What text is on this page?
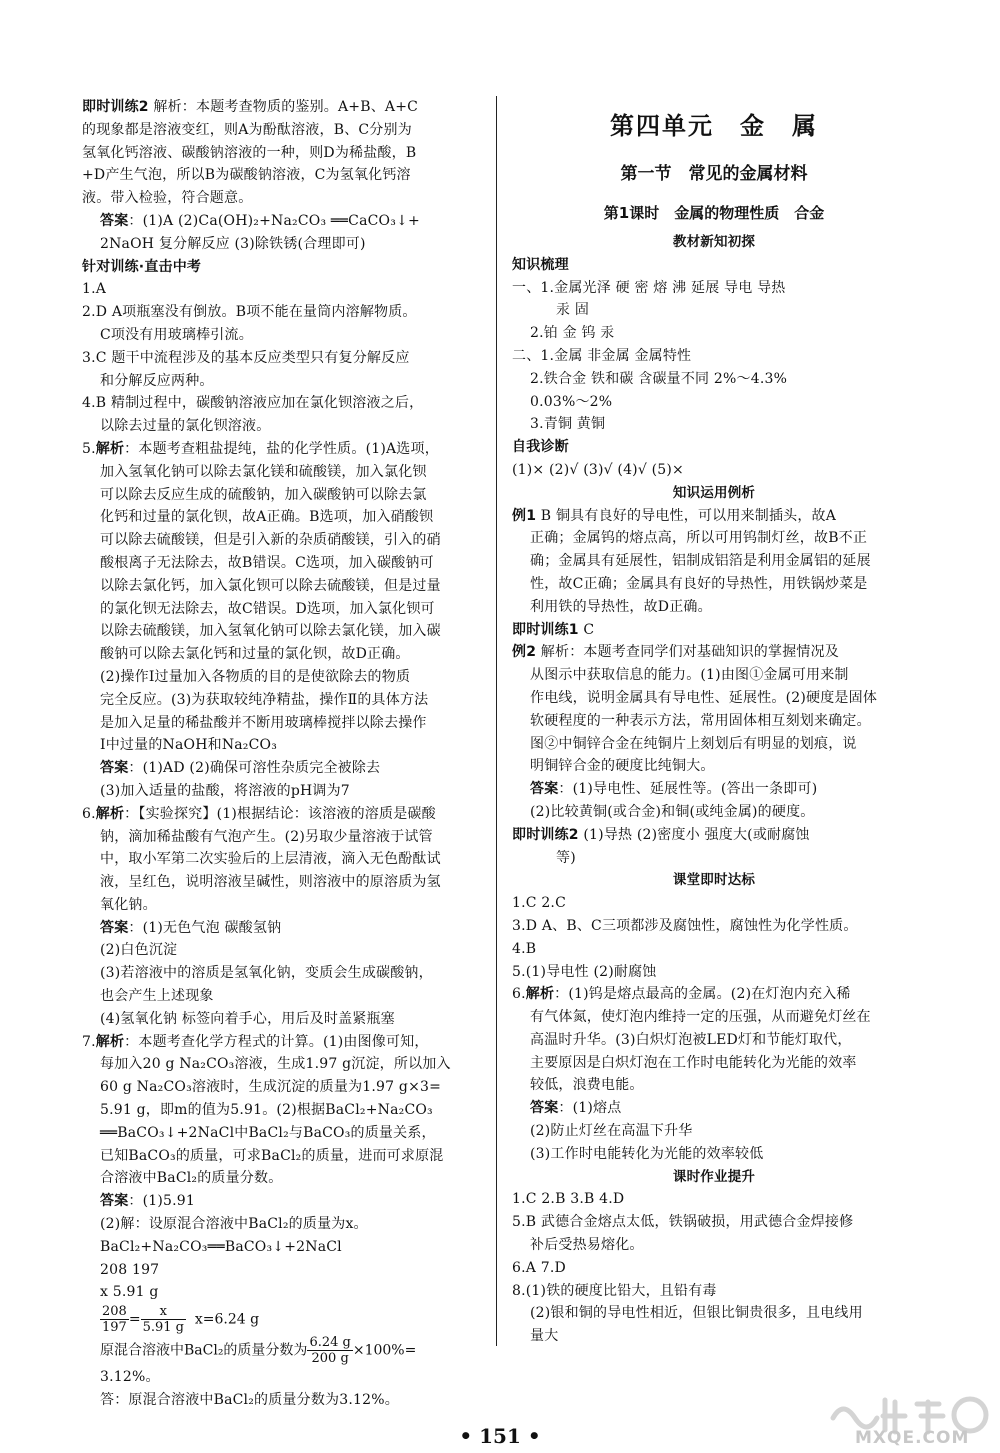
即时训练2 解析：本题考查物质的鉴别。A+B、A+C
的现象都是溶液变红，则A为酚酞溶液，B、C分别为
氢氧化钙溶液、碳酸钠溶液的一种，则D为稀盐酸，B
+D产生气泡，所以B为碳酸钠溶液，C为氢氧化钙溶
液。带入检验，符合题意。
答案：(1)A (2)Ca(OH)₂+Na₂CO₃ ══CaCO₃↓+
2NaOH 复分解反应 (3)除铁锈(合理即可)
针对训练·直击中考
1.A
2.D A项瓶塞没有倒放。B项不能在量筒内溶解物质。
C项没有用玻璃棒引流。
3.C 题干中流程涉及的基本反应类型只有复分解反应
和分解反应两种。
4.B 精制过程中，碳酸钠溶液应加在氯化钡溶液之后，
以除去过量的氯化钡溶液。
5.解析：本题考查粗盐提纯，盐的化学性质。(1)A选项，
加入氢氧化钠可以除去氯化镁和硫酸镁，加入氯化钡
可以除去反应生成的硫酸钠，加入碳酸钠可以除去氯
化钙和过量的氯化钡，故A正确。B选项，加入硝酸钡
可以除去硫酸镁，但是引入新的杂质硝酸镁，引入的硝
酸根离子无法除去，故B错误。C选项，加入碳酸钠可
以除去氯化钙，加入氯化钡可以除去硫酸镁，但是过量
的氯化钡无法除去，故C错误。D选项，加入氯化钡可
以除去硫酸镁，加入氢氧化钠可以除去氯化镁，加入碳
酸钠可以除去氯化钙和过量的氯化钡，故D正确。
(2)操作Ⅰ过量加入各物质的目的是使欲除去的物质
完全反应。(3)为获取较纯净精盐，操作Ⅱ的具体方法
是加入足量的稀盐酸并不断用玻璃棒搅拌以除去操作
Ⅰ中过量的NaOH和Na₂CO₃
答案：(1)AD (2)确保可溶性杂质完全被除去
(3)加入适量的盐酸，将溶液的pH调为7
6.解析：【实验探究】(1)根据结论：该溶液的溶质是碳酸
钠，滴加稀盐酸有气泡产生。(2)另取少量溶液于试管
中，取小军第二次实验后的上层清液，滴入无色酚酞试
液，呈红色，说明溶液呈碱性，则溶液中的原溶质为氢
氧化钠。
答案：(1)无色气泡 碳酸氢钠
(2)白色沉淀
(3)若溶液中的溶质是氢氧化钠，变质会生成碳酸钠，
也会产生上述现象
(4)氢氧化钠 标签向着手心，用后及时盖紧瓶塞
7.解析：本题考查化学方程式的计算。(1)由图像可知，
每加入20 g Na₂CO₃溶液，生成1.97 g沉淀，所以加入
60 g Na₂CO₃溶液时，生成沉淀的质量为1.97 g×3=
5.91 g，即m的值为5.91。(2)根据BaCl₂+Na₂CO₃
══BaCO₃↓+2NaCl中BaCl₂与BaCO₃的质量关系，
已知BaCO₃的质量，可求BaCl₂的质量，进而可求原混
合溶液中BaCl₂的质量分数。
答案：(1)5.91
(2)解：设原混合溶液中BaCl₂的质量为x。
BaCl₂+Na₂CO₃══BaCO₃↓+2NaCl
208 197
x 5.91 g
$\frac{208}{197} = \frac{x}{5.91 g} x=6.24$ g
原混合溶液中BaCl₂的质量分数为 $\frac{6.24 g}{200 g} \times 100\%=$
3.12%。
答：原混合溶液中BaCl₂的质量分数为3.12%。
第四单元　金　属
第一节　常见的金属材料
第1课时　金属的物理性质　合金
教材新知初探
知识梳理
一、1.金属光泽 硬 密 熔 沸 延展 导电 导热
汞 固
2.铂 金 钨 汞
二、1.金属 非金属 金属特性
2.铁合金 铁和碳 含碳量不同 2%～4.3%
0.03%～2%
3.青铜 黄铜
自我诊断
(1)× (2)√ (3)√ (4)√ (5)×
知识运用例析
例1 B 铜具有良好的导电性，可以用来制插头，故A
正确；金属钨的熔点高，所以可用钨制灯丝，故B不正
确；金属具有延展性，铝制成铝箔是利用金属铝的延展
性，故C正确；金属具有良好的导热性，用铁锅炒菜是
利用铁的导热性，故D正确。
即时训练1 C
例2 解析：本题考查同学们对基础知识的掌握情况及
从图示中获取信息的能力。(1)由图①金属可用来制
作电线，说明金属具有导电性、延展性。(2)硬度是固体
软硬程度的一种表示方法，常用固体相互刻划来确定。
图②中铜锌合金在纯铜片上刻划后有明显的划痕，说
明铜锌合金的硬度比纯铜大。
答案：(1)导电性、延展性等。(答出一条即可)
(2)比较黄铜(或合金)和铜(或纯金属)的硬度。
即时训练2 (1)导热 (2)密度小 强度大(或耐腐蚀
等)
课堂即时达标
1.C 2.C
3.D A、B、C三项都涉及腐蚀性，腐蚀性为化学性质。
4.B
5.(1)导电性 (2)耐腐蚀
6.解析：(1)钨是熔点最高的金属。(2)在灯泡内充入稀
有气体氮，使灯泡内维持一定的压强，从而避免灯丝在
高温时升华。(3)白炽灯泡被LED灯和节能灯取代，
主要原因是白炽灯泡在工作时电能转化为光能的效率
较低，浪费电能。
答案：(1)熔点
(2)防止灯丝在高温下升华
(3)工作时电能转化为光能的效率较低
课时作业提升
1.C 2.B 3.B 4.D
5.B 武德合金熔点太低，铁锅破损，用武德合金焊接修
补后受热易熔化。
6.A 7.D
8.(1)铁的硬度比铅大，且铅有毒
(2)银和铜的导电性相近，但银比铜贵很多，且电线用
量大
• 151 •	MXQE.COM
